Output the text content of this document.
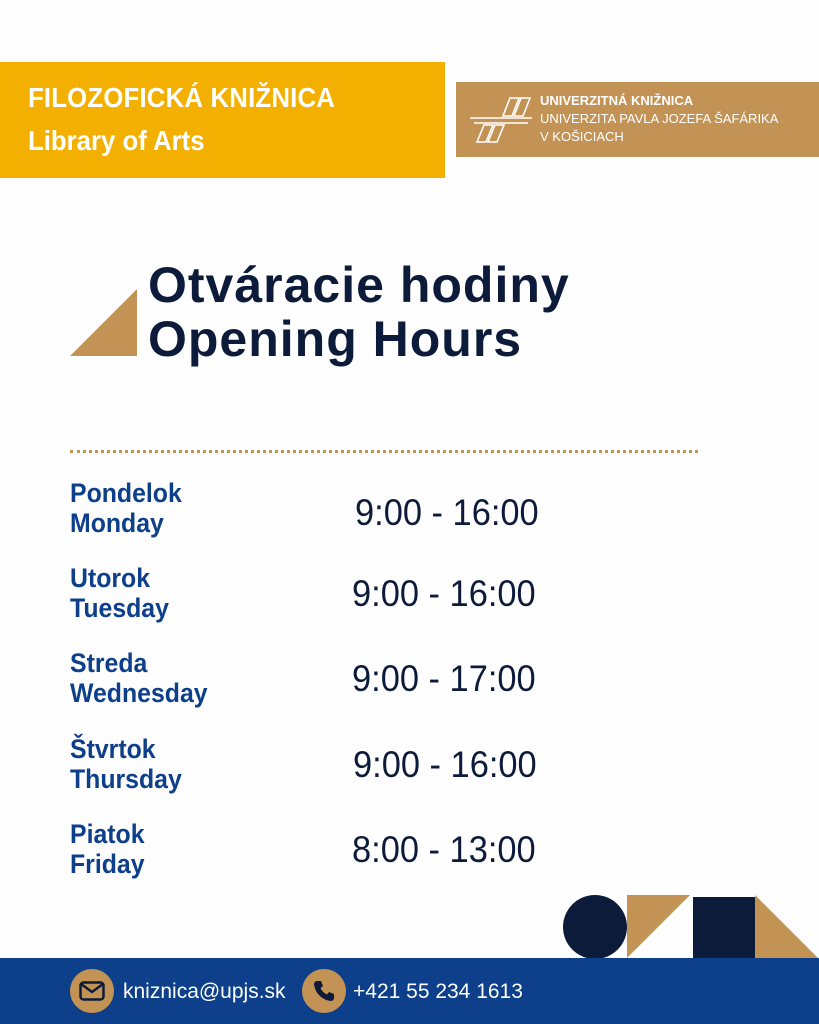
FILOZOFICKÁ KNIŽNICA
Library of Arts
UNIVERZITNÁ KNIŽNICA
UNIVERZITA PAVLA JOZEFA ŠAFÁRIKA
V KOŠICIACH
Otváracie hodiny
Opening Hours
Pondelok
Monday	9:00 - 16:00
Utorok
Tuesday	9:00 - 16:00
Streda
Wednesday	9:00 - 17:00
Štvrtok
Thursday	9:00 - 16:00
Piatok
Friday	8:00 - 13:00
kniznica@upjs.sk	+421 55 234 1613
